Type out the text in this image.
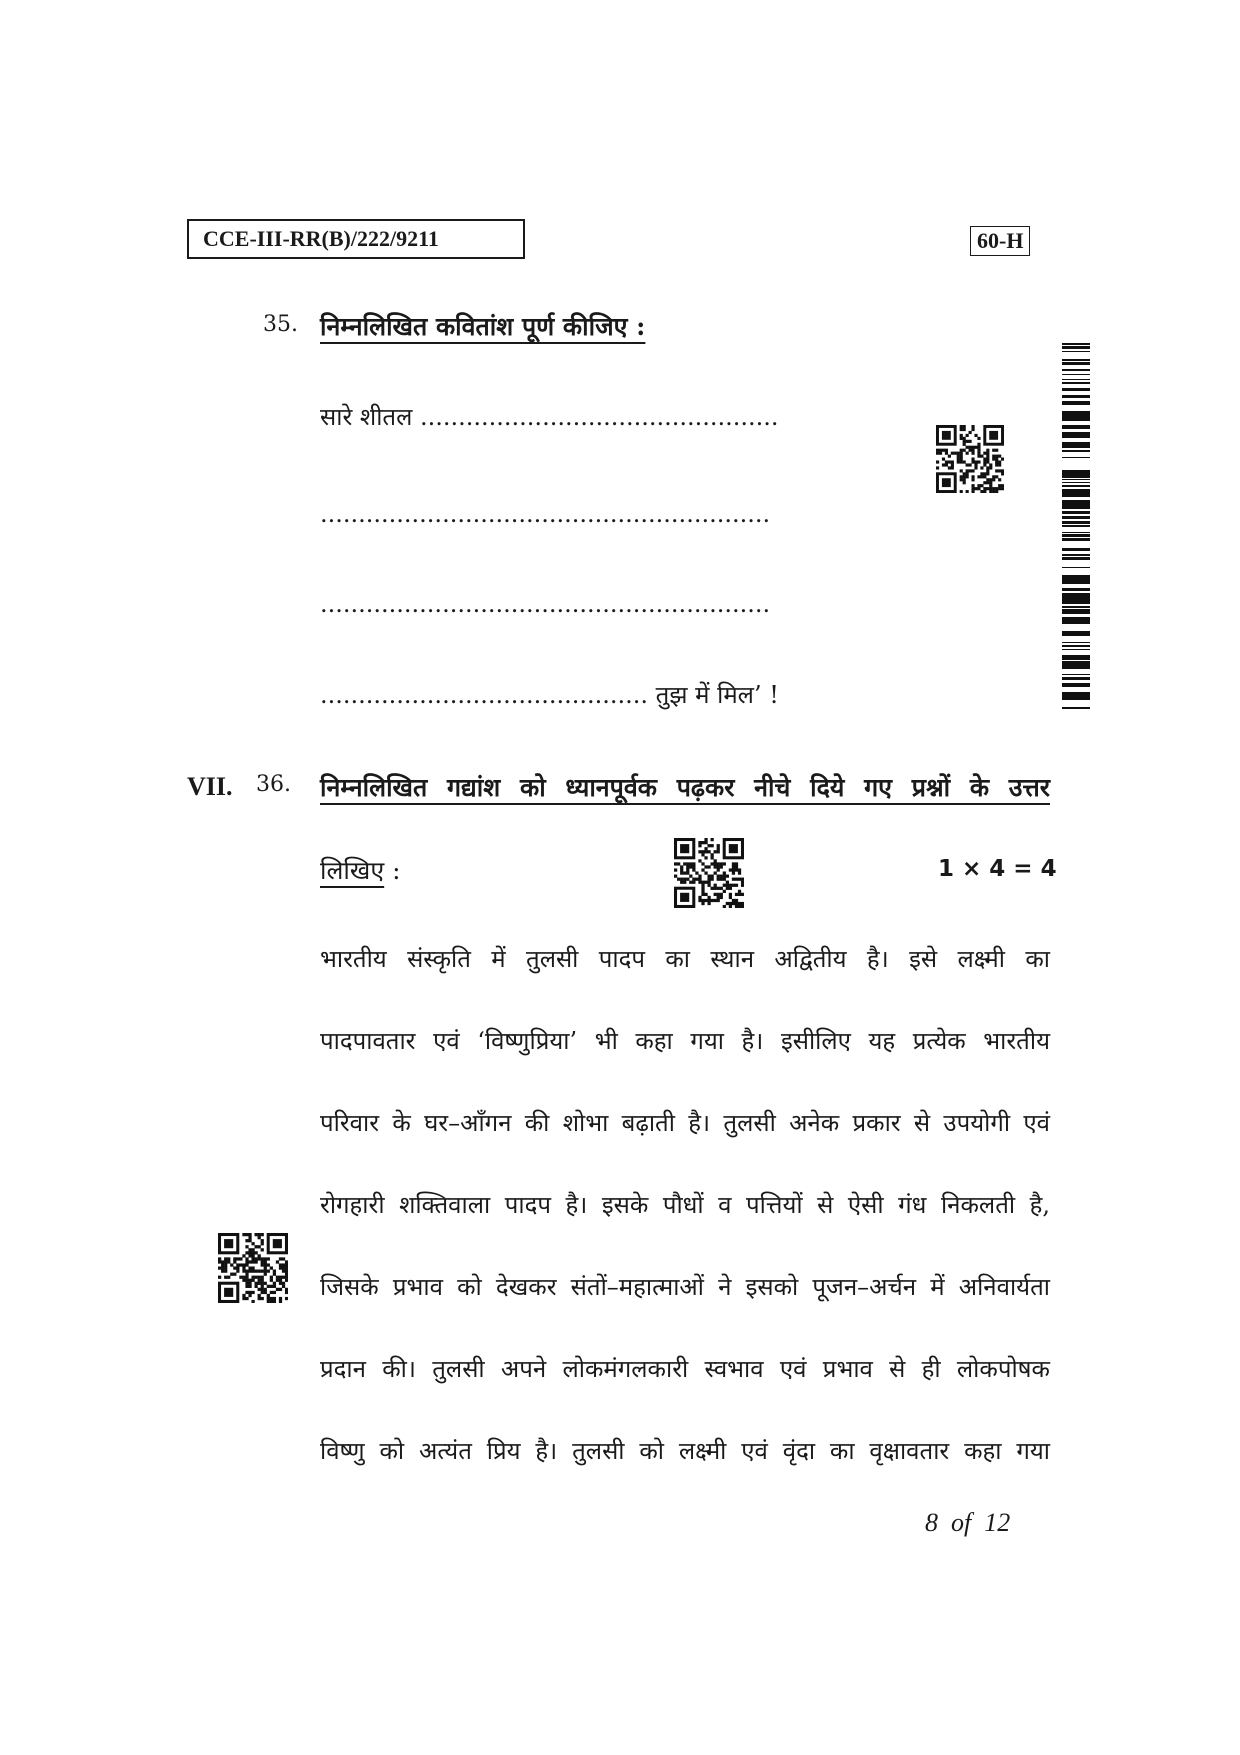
CCE-III-RR(B)/222/9211	60-H
35. निम्नलिखित कवितांश पूर्ण कीजिए :
सारे शीतल ...............................................
...........................................................
...........................................................
........................................... तुझ में मिल’ !
VII. 36. निम्नलिखित गद्यांश को ध्यानपूर्वक पढ़कर नीचे दिये गए प्रश्नों के उत्तर
लिखिए :	1 × 4 = 4
भारतीय संस्कृति में तुलसी पादप का स्थान अद्वितीय है। इसे लक्ष्मी का
पादपावतार एवं ‘विष्णुप्रिया’ भी कहा गया है। इसीलिए यह प्रत्येक भारतीय
परिवार के घर–आँगन की शोभा बढ़ाती है। तुलसी अनेक प्रकार से उपयोगी एवं
रोगहारी शक्तिवाला पादप है। इसके पौधों व पत्तियों से ऐसी गंध निकलती है,
जिसके प्रभाव को देखकर संतों–महात्माओं ने इसको पूजन–अर्चन में अनिवार्यता
प्रदान की। तुलसी अपने लोकमंगलकारी स्वभाव एवं प्रभाव से ही लोकपोषक
विष्णु को अत्यंत प्रिय है। तुलसी को लक्ष्मी एवं वृंदा का वृक्षावतार कहा गया
8  of  12
